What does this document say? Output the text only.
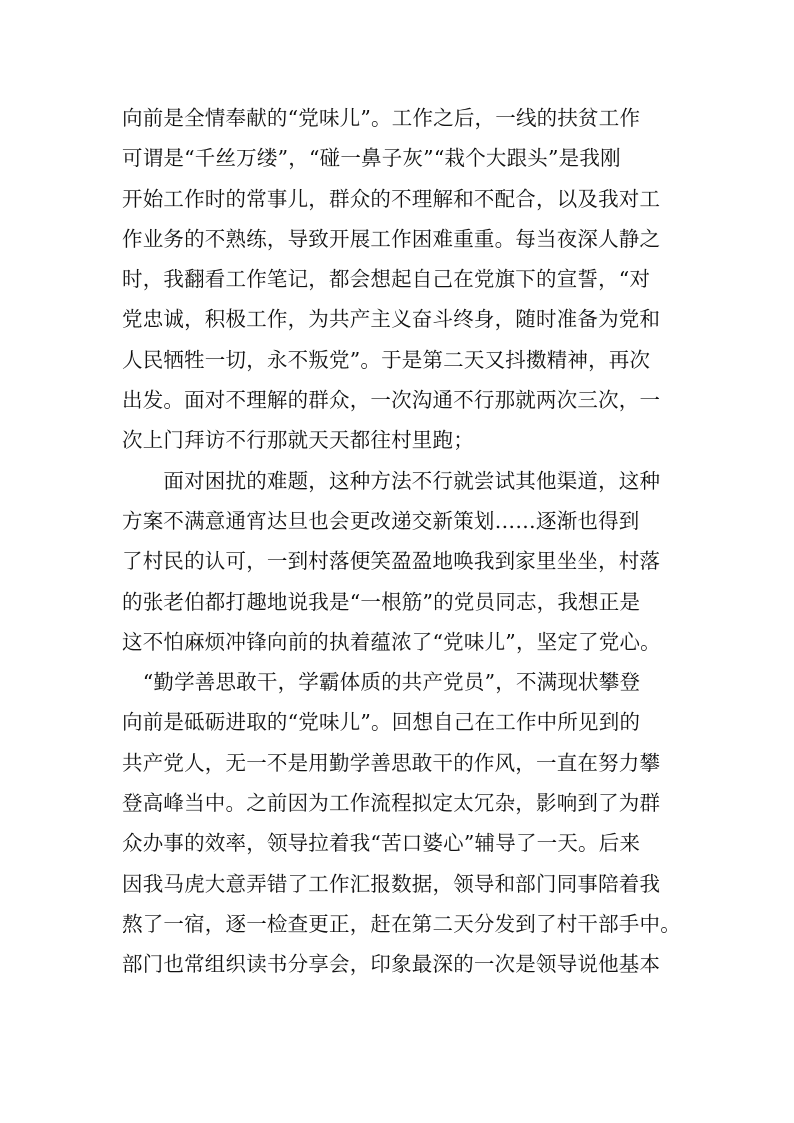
向前是全情奉献的“党味儿”。工作之后，一线的扶贫工作
可谓是“千丝万缕”，“碰一鼻子灰”“栽个大跟头”是我刚
开始工作时的常事儿，群众的不理解和不配合，以及我对工
作业务的不熟练，导致开展工作困难重重。每当夜深人静之
时，我翻看工作笔记，都会想起自己在党旗下的宣誓，“对
党忠诚，积极工作，为共产主义奋斗终身，随时准备为党和
人民牺牲一切，永不叛党”。于是第二天又抖擞精神，再次
出发。面对不理解的群众，一次沟通不行那就两次三次，一
次上门拜访不行那就天天都往村里跑；
　　面对困扰的难题，这种方法不行就尝试其他渠道，这种
方案不满意通宵达旦也会更改递交新策划……逐渐也得到
了村民的认可，一到村落便笑盈盈地唤我到家里坐坐，村落
的张老伯都打趣地说我是“一根筋”的党员同志，我想正是
这不怕麻烦冲锋向前的执着蕴浓了“党味儿”，坚定了党心。
　“勤学善思敢干，学霸体质的共产党员”，不满现状攀登
向前是砥砺进取的“党味儿”。回想自己在工作中所见到的
共产党人，无一不是用勤学善思敢干的作风，一直在努力攀
登高峰当中。之前因为工作流程拟定太冗杂，影响到了为群
众办事的效率，领导拉着我“苦口婆心”辅导了一天。后来
因我马虎大意弄错了工作汇报数据，领导和部门同事陪着我
熬了一宿，逐一检查更正，赶在第二天分发到了村干部手中。
部门也常组织读书分享会，印象最深的一次是领导说他基本
